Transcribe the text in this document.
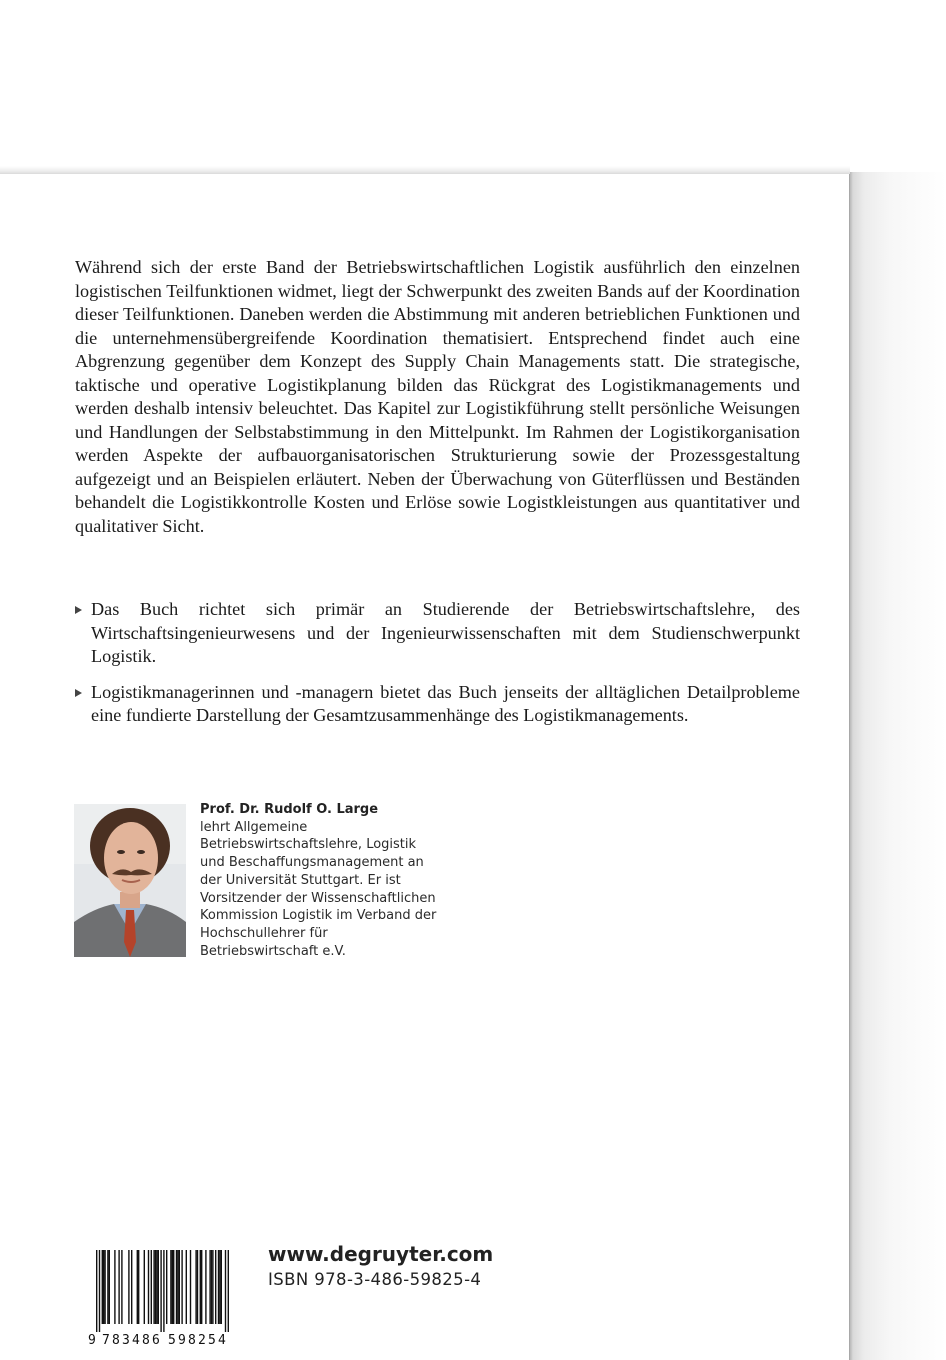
Während sich der erste Band der Betriebswirtschaftlichen Logistik ausführlich den einzelnen logistischen Teilfunktionen widmet, liegt der Schwerpunkt des zweiten Bands auf der Koordination dieser Teilfunktionen. Daneben werden die Abstimmung mit anderen betrieblichen Funktionen und die unternehmensübergreifende Koordination thematisiert. Entsprechend findet auch eine Abgrenzung gegenüber dem Konzept des Supply Chain Managements statt. Die strategische, taktische und operative Logistikplanung bilden das Rückgrat des Logistikmanagements und werden deshalb intensiv beleuchtet. Das Kapitel zur Logistikführung stellt persönliche Weisungen und Handlungen der Selbstabstimmung in den Mittelpunkt. Im Rahmen der Logistikorganisation werden Aspekte der aufbauorganisatorischen Strukturierung sowie der Prozessgestaltung aufgezeigt und an Beispielen erläutert. Neben der Überwachung von Güterflüssen und Beständen behandelt die Logistikkontrolle Kosten und Erlöse sowie Logistkleistungen aus quantitativer und qualitativer Sicht.

Das Buch richtet sich primär an Studierende der Betriebswirtschaftslehre, des Wirtschaftsingenieurwesens und der Ingenieurwissenschaften mit dem Studienschwerpunkt Logistik.
Logistikmanagerinnen und -managern bietet das Buch jenseits der alltäglichen Detailprobleme eine fundierte Darstellung der Gesamtzusammenhänge des Logistikmanagements.
Prof. Dr. Rudolf O. Large
lehrt Allgemeine Betriebswirtschaftslehre, Logistik und Beschaffungsmanagement an der Universität Stuttgart. Er ist Vorsitzender der Wissenschaftlichen Kommission Logistik im Verband der Hochschullehrer für Betriebswirtschaft e.V.
9 7 8 3 4 8 6 5 9 8 2 5 4
www.degruyter.com
ISBN 978-3-486-59825-4
